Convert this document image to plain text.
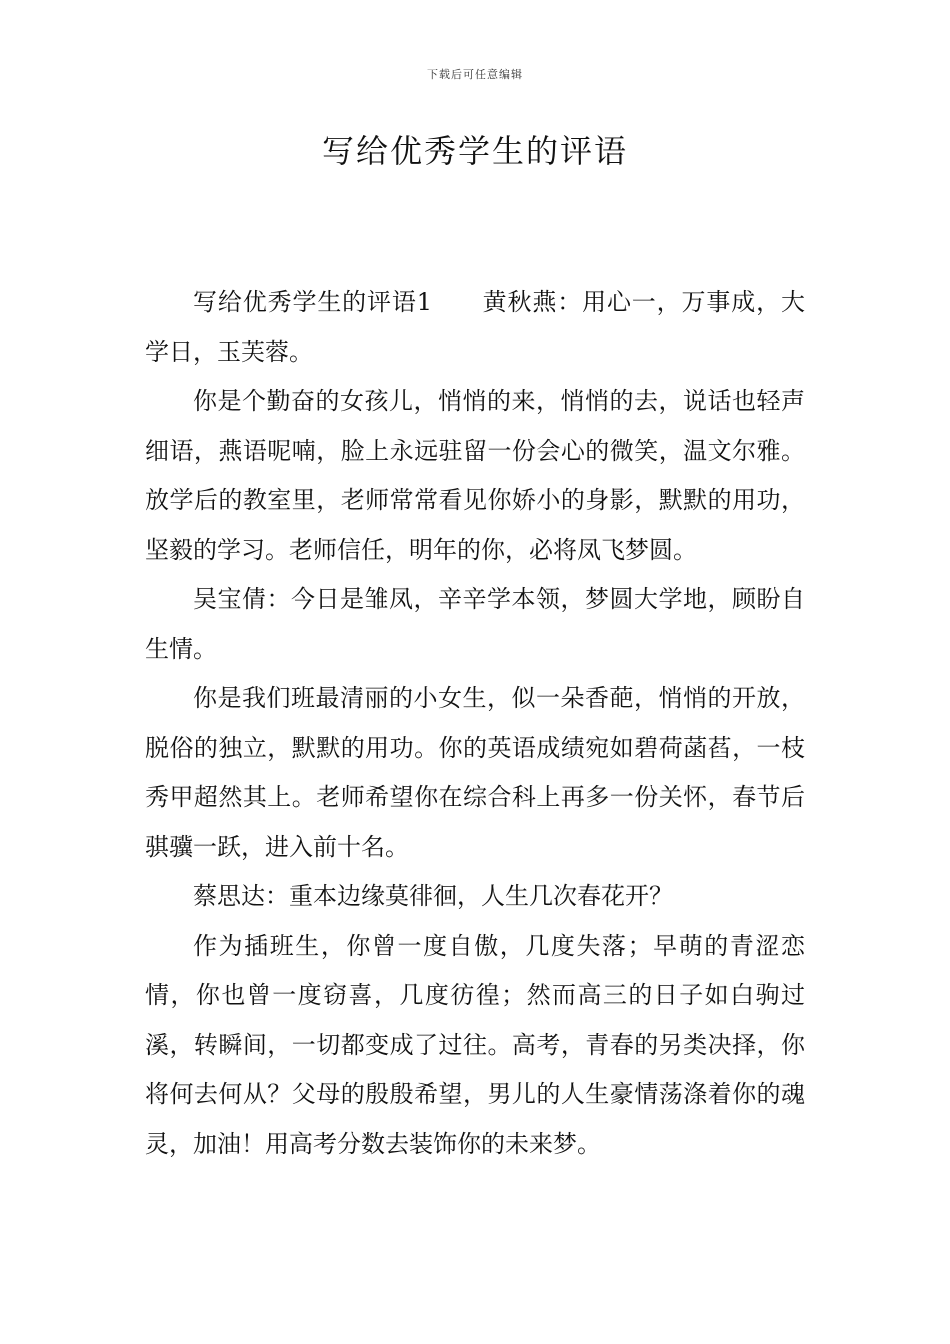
下载后可任意编辑
写给优秀学生的评语

写给优秀学生的评语1　　黄秋燕：用心一，万事成，大学日，玉芙蓉。

你是个勤奋的女孩儿，悄悄的来，悄悄的去，说话也轻声细语，燕语呢喃，脸上永远驻留一份会心的微笑，温文尔雅。放学后的教室里，老师常常看见你娇小的身影，默默的用功，坚毅的学习。老师信任，明年的你，必将凤飞梦圆。

吴宝倩：今日是雏凤，辛辛学本领，梦圆大学地，顾盼自生情。

你是我们班最清丽的小女生，似一朵香葩，悄悄的开放，脱俗的独立，默默的用功。你的英语成绩宛如碧荷菡萏，一枝秀甲超然其上。老师希望你在综合科上再多一份关怀，春节后骐骥一跃，进入前十名。

蔡思达：重本边缘莫徘徊，人生几次春花开？

作为插班生，你曾一度自傲，几度失落；早萌的青涩恋情，你也曾一度窃喜，几度彷徨；然而高三的日子如白驹过溪，转瞬间，一切都变成了过往。高考，青春的另类决择，你将何去何从？父母的殷殷希望，男儿的人生豪情荡涤着你的魂灵，加油！用高考分数去装饰你的未来梦。
